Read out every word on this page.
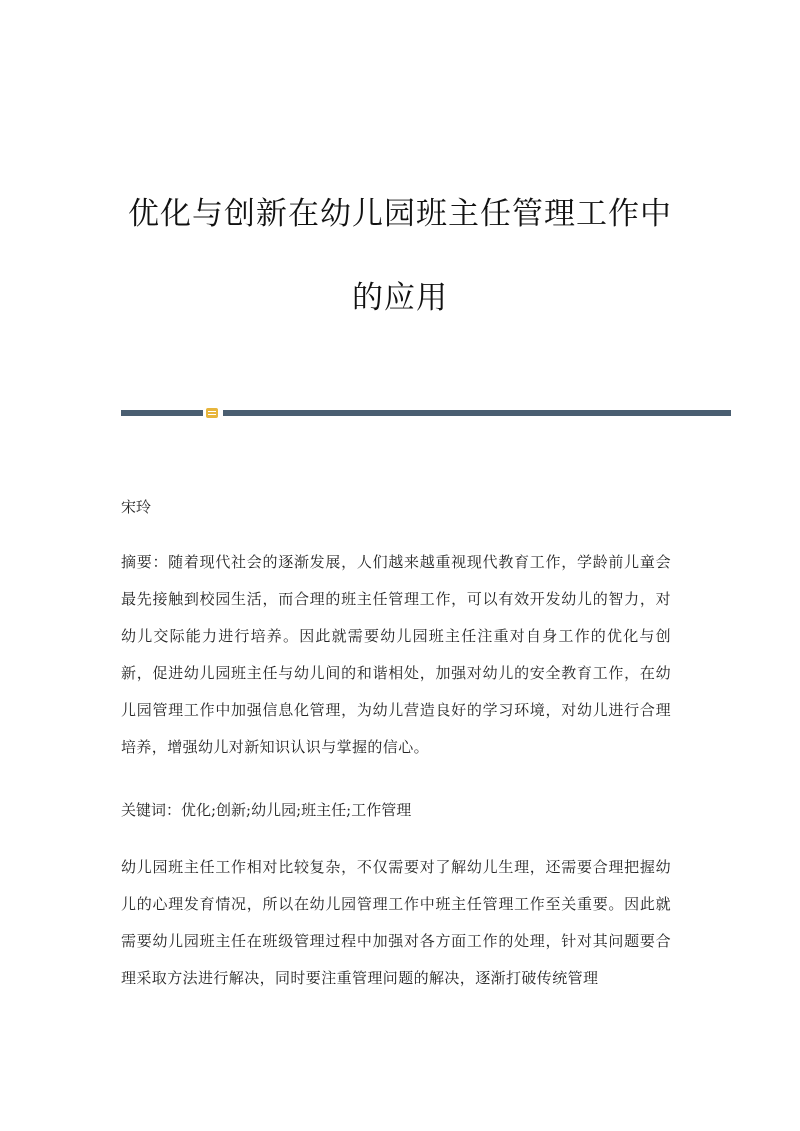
优化与创新在幼儿园班主任管理工作中
的应用
宋玲
摘要：随着现代社会的逐渐发展，人们越来越重视现代教育工作，学龄前儿童会最先接触到校园生活，而合理的班主任管理工作，可以有效开发幼儿的智力，对幼儿交际能力进行培养。因此就需要幼儿园班主任注重对自身工作的优化与创新，促进幼儿园班主任与幼儿间的和谐相处，加强对幼儿的安全教育工作，在幼儿园管理工作中加强信息化管理，为幼儿营造良好的学习环境，对幼儿进行合理培养，增强幼儿对新知识认识与掌握的信心。
关键词：优化;创新;幼儿园;班主任;工作管理
幼儿园班主任工作相对比较复杂，不仅需要对了解幼儿生理，还需要合理把握幼儿的心理发育情况，所以在幼儿园管理工作中班主任管理工作至关重要。因此就需要幼儿园班主任在班级管理过程中加强对各方面工作的处理，针对其问题要合理采取方法进行解决，同时要注重管理问题的解决，逐渐打破传统管理
